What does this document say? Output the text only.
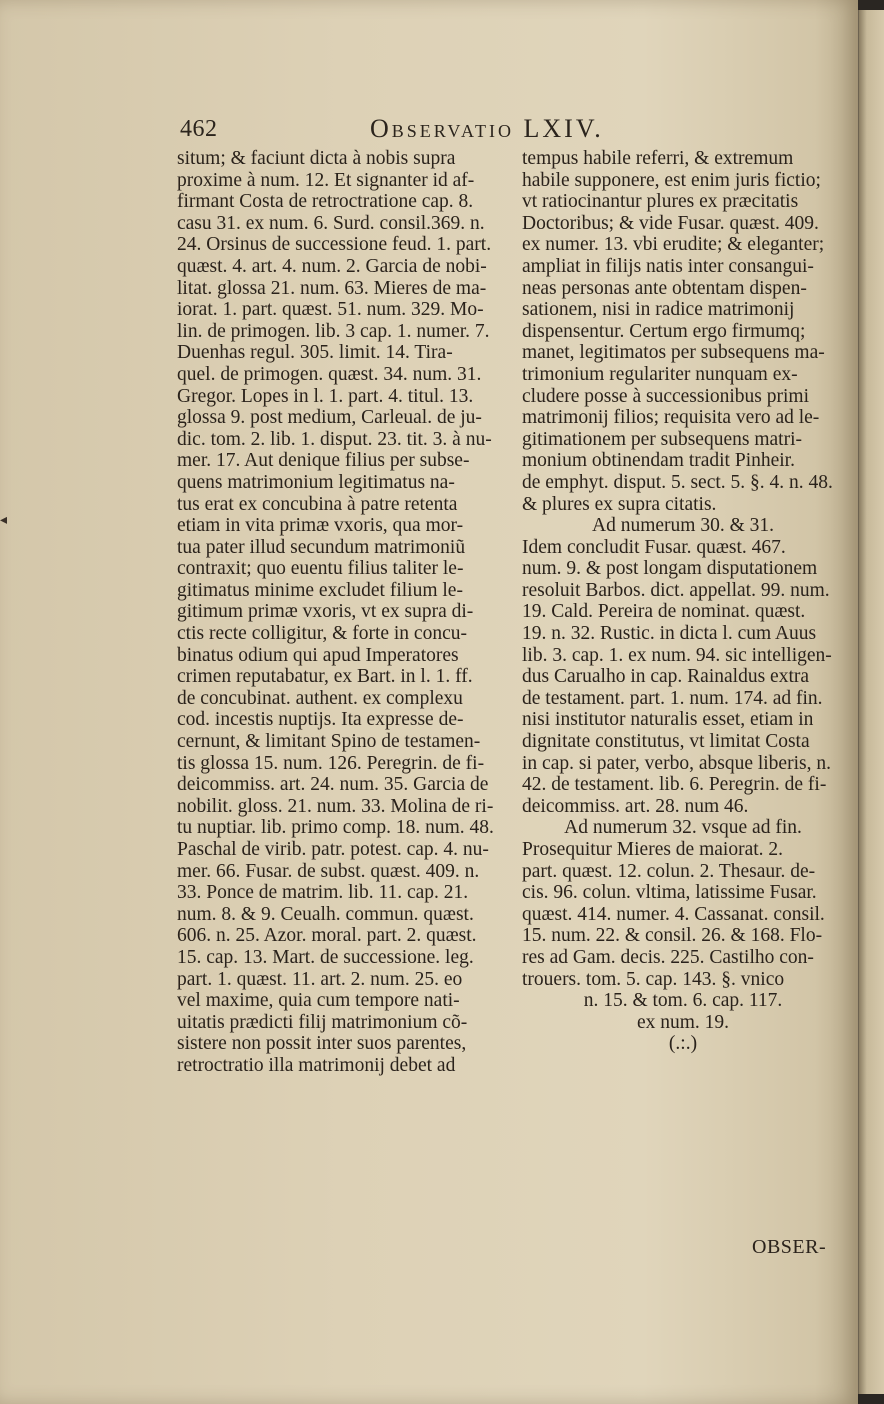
462	Observatio LXIV.
situm; & faciunt dicta à nobis supra
proxime à num. 12. Et signanter id af-
firmant Costa de retroctratione cap. 8.
casu 31. ex num. 6. Surd. consil.369. n.
24. Orsinus de successione feud. 1. part.
quæst. 4. art. 4. num. 2. Garcia de nobi-
litat. glossa 21. num. 63. Mieres de ma-
iorat. 1. part. quæst. 51. num. 329. Mo-
lin. de primogen. lib. 3 cap. 1. numer. 7.
Duenhas regul. 305. limit. 14. Tira-
quel. de primogen. quæst. 34. num. 31.
Gregor. Lopes in l. 1. part. 4. titul. 13.
glossa 9. post medium, Carleual. de ju-
dic. tom. 2. lib. 1. disput. 23. tit. 3. à nu-
mer. 17. Aut denique filius per subse-
quens matrimonium legitimatus na-
tus erat ex concubina à patre retenta
etiam in vita primæ vxoris, qua mor-
tua pater illud secundum matrimoniũ
contraxit; quo euentu filius taliter le-
gitimatus minime excludet filium le-
gitimum primæ vxoris, vt ex supra di-
ctis recte colligitur, & forte in concu-
binatus odium qui apud Imperatores
crimen reputabatur, ex Bart. in l. 1. ff.
de concubinat. authent. ex complexu
cod. incestis nuptijs. Ita expresse de-
cernunt, & limitant Spino de testamen-
tis glossa 15. num. 126. Peregrin. de fi-
deicommiss. art. 24. num. 35. Garcia de
nobilit. gloss. 21. num. 33. Molina de ri-
tu nuptiar. lib. primo comp. 18. num. 48.
Paschal de virib. patr. potest. cap. 4. nu-
mer. 66. Fusar. de subst. quæst. 409. n.
33. Ponce de matrim. lib. 11. cap. 21.
num. 8. & 9. Ceualh. commun. quæst.
606. n. 25. Azor. moral. part. 2. quæst.
15. cap. 13. Mart. de successione. leg.
part. 1. quæst. 11. art. 2. num. 25. eo
vel maxime, quia cum tempore nati-
uitatis prædicti filij matrimonium cõ-
sistere non possit inter suos parentes,
retroctratio illa matrimonij debet ad
tempus habile referri, & extremum
habile supponere, est enim juris fictio;
vt ratiocinantur plures ex præcitatis
Doctoribus; & vide Fusar. quæst. 409.
ex numer. 13. vbi erudite; & eleganter;
ampliat in filijs natis inter consangui-
neas personas ante obtentam dispen-
sationem, nisi in radice matrimonij
dispensentur. Certum ergo firmumq;
manet, legitimatos per subsequens ma-
trimonium regulariter nunquam ex-
cludere posse à successionibus primi
matrimonij filios; requisita vero ad le-
gitimationem per subsequens matri-
monium obtinendam tradit Pinheir.
de emphyt. disput. 5. sect. 5. §. 4. n. 48.
& plures ex supra citatis.
Ad numerum 30. & 31.
Idem concludit Fusar. quæst. 467.
num. 9. & post longam disputationem
resoluit Barbos. dict. appellat. 99. num.
19. Cald. Pereira de nominat. quæst.
19. n. 32. Rustic. in dicta l. cum Auus
lib. 3. cap. 1. ex num. 94. sic intelligen-
dus Carualho in cap. Rainaldus extra
de testament. part. 1. num. 174. ad fin.
nisi institutor naturalis esset, etiam in
dignitate constitutus, vt limitat Costa
in cap. si pater, verbo, absque liberis, n.
42. de testament. lib. 6. Peregrin. de fi-
deicommiss. art. 28. num 46.
Ad numerum 32. vsque ad fin.
Prosequitur Mieres de maiorat. 2.
part. quæst. 12. colun. 2. Thesaur. de-
cis. 96. colun. vltima, latissime Fusar.
quæst. 414. numer. 4. Cassanat. consil.
15. num. 22. & consil. 26. & 168. Flo-
res ad Gam. decis. 225. Castilho con-
trouers. tom. 5. cap. 143. §. vnico
n. 15. & tom. 6. cap. 117.
ex num. 19.
(.:.)
OBSER-
◂
